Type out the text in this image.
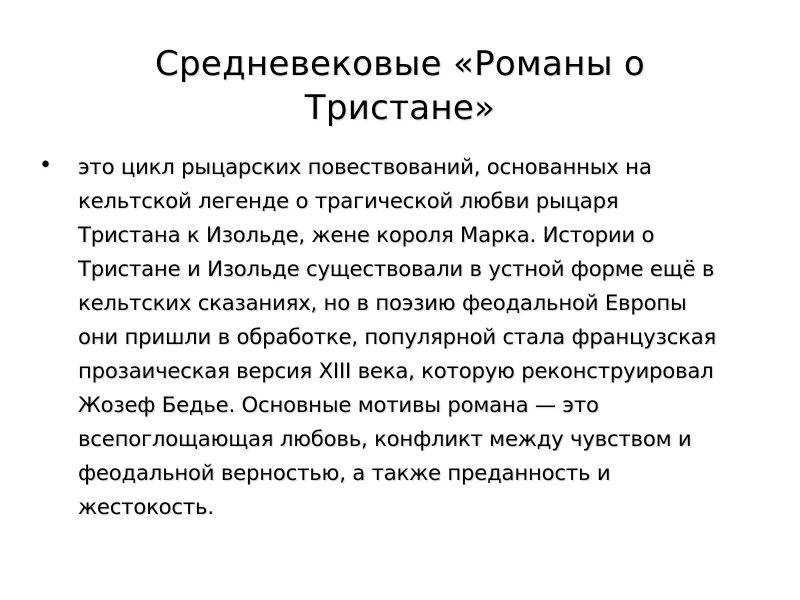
Средневековые «Романы о Тристане»
• это цикл рыцарских повествований, основанных на кельтской легенде о трагической любви рыцаря Тристана к Изольде, жене короля Марка. Истории о Тристане и Изольде существовали в устной форме ещё в кельтских сказаниях, но в поэзию феодальной Европы они пришли в обработке, популярной стала французская прозаическая версия XIII века, которую реконструировал Жозеф Бедье. Основные мотивы романа — это всепоглощающая любовь, конфликт между чувством и феодальной верностью, а также преданность и жестокость.
